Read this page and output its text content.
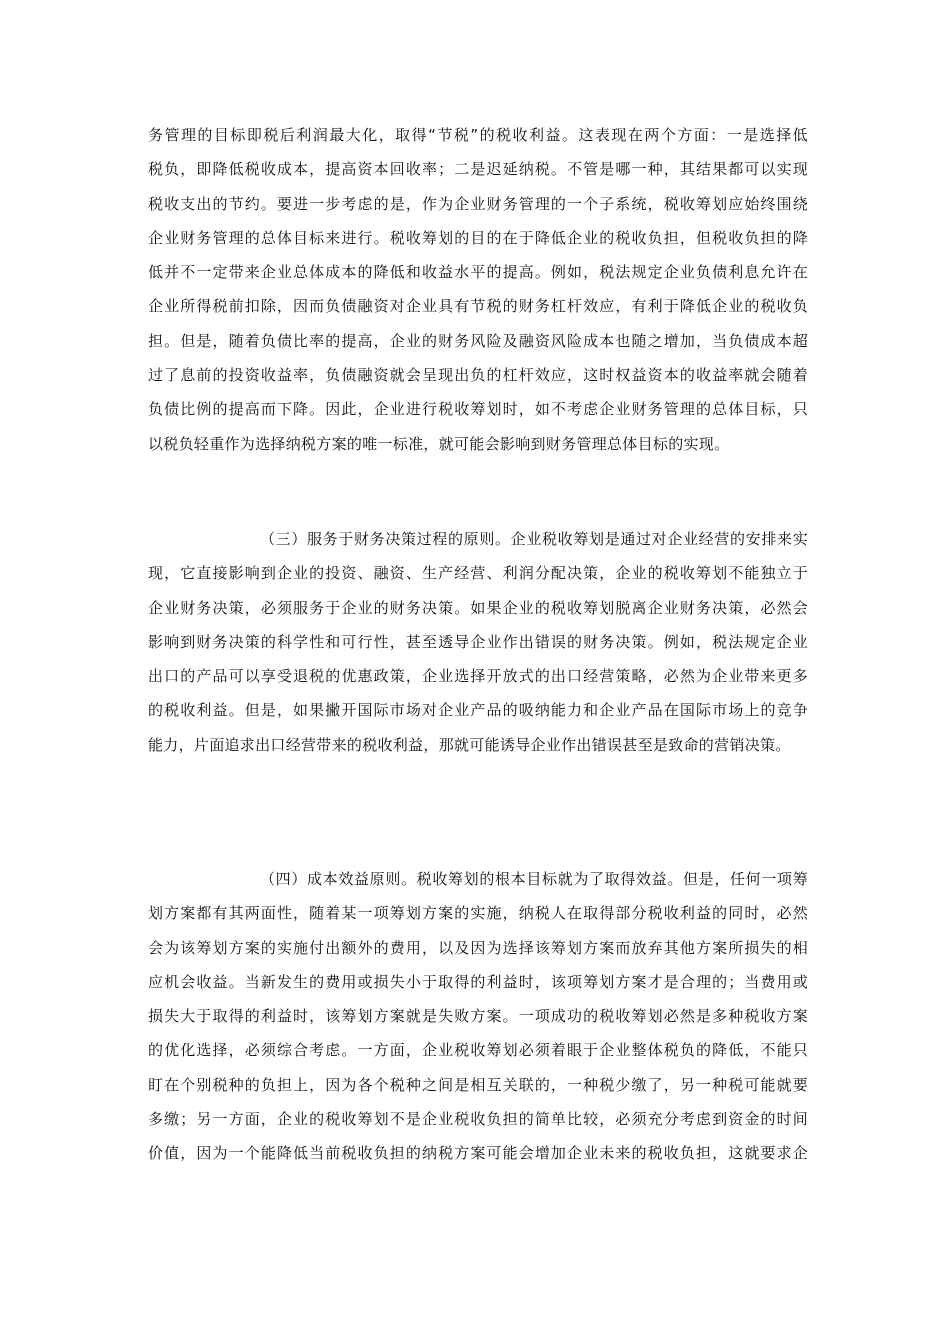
务管理的目标即税后利润最大化，取得“节税”的税收利益。这表现在两个方面：一是选择低
税负，即降低税收成本，提高资本回收率；二是迟延纳税。不管是哪一种，其结果都可以实现
税收支出的节约。要进一步考虑的是，作为企业财务管理的一个子系统，税收筹划应始终围绕
企业财务管理的总体目标来进行。税收筹划的目的在于降低企业的税收负担，但税收负担的降
低并不一定带来企业总体成本的降低和收益水平的提高。例如，税法规定企业负债利息允许在
企业所得税前扣除，因而负债融资对企业具有节税的财务杠杆效应，有利于降低企业的税收负
担。但是，随着负债比率的提高，企业的财务风险及融资风险成本也随之增加，当负债成本超
过了息前的投资收益率，负债融资就会呈现出负的杠杆效应，这时权益资本的收益率就会随着
负债比例的提高而下降。因此，企业进行税收筹划时，如不考虑企业财务管理的总体目标，只
以税负轻重作为选择纳税方案的唯一标准，就可能会影响到财务管理总体目标的实现。
（三）服务于财务决策过程的原则。企业税收筹划是通过对企业经营的安排来实
现，它直接影响到企业的投资、融资、生产经营、利润分配决策，企业的税收筹划不能独立于
企业财务决策，必须服务于企业的财务决策。如果企业的税收筹划脱离企业财务决策，必然会
影响到财务决策的科学性和可行性，甚至透导企业作出错误的财务决策。例如，税法规定企业
出口的产品可以享受退税的优惠政策，企业选择开放式的出口经营策略，必然为企业带来更多
的税收利益。但是，如果撇开国际市场对企业产品的吸纳能力和企业产品在国际市场上的竞争
能力，片面追求出口经营带来的税收利益，那就可能诱导企业作出错误甚至是致命的营销决策。
（四）成本效益原则。税收筹划的根本目标就为了取得效益。但是，任何一项筹
划方案都有其两面性，随着某一项筹划方案的实施，纳税人在取得部分税收利益的同时，必然
会为该筹划方案的实施付出额外的费用，以及因为选择该筹划方案而放弃其他方案所损失的相
应机会收益。当新发生的费用或损失小于取得的利益时，该项筹划方案才是合理的；当费用或
损失大于取得的利益时，该筹划方案就是失败方案。一项成功的税收筹划必然是多种税收方案
的优化选择，必须综合考虑。一方面，企业税收筹划必须着眼于企业整体税负的降低，不能只
盯在个别税种的负担上，因为各个税种之间是相互关联的，一种税少缴了，另一种税可能就要
多缴；另一方面，企业的税收筹划不是企业税收负担的简单比较，必须充分考虑到资金的时间
价值，因为一个能降低当前税收负担的纳税方案可能会增加企业未来的税收负担，这就要求企
